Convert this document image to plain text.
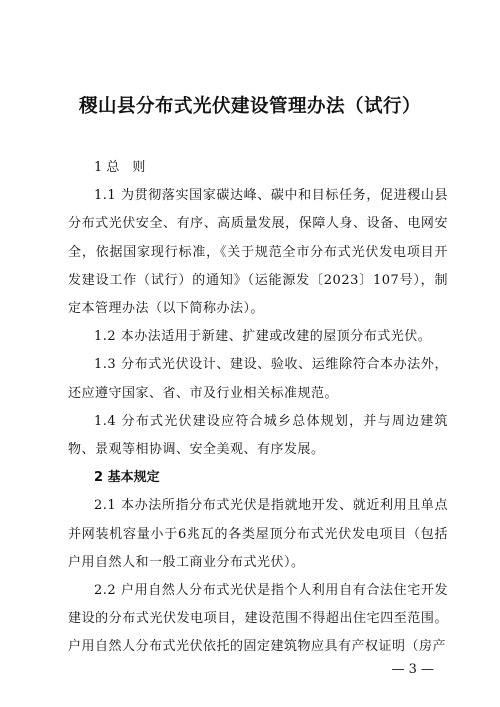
稷山县分布式光伏建设管理办法（试行）
1 总　则
1.1 为贯彻落实国家碳达峰、碳中和目标任务，促进稷山县分布式光伏安全、有序、高质量发展，保障人身、设备、电网安全，依据国家现行标准，《关于规范全市分布式光伏发电项目开发建设工作（试行）的通知》（运能源发〔2023〕107号），制定本管理办法（以下简称办法）。
1.2 本办法适用于新建、扩建或改建的屋顶分布式光伏。
1.3 分布式光伏设计、建设、验收、运维除符合本办法外，还应遵守国家、省、市及行业相关标准规范。
1.4 分布式光伏建设应符合城乡总体规划，并与周边建筑物、景观等相协调、安全美观、有序发展。
2 基本规定
2.1 本办法所指分布式光伏是指就地开发、就近利用且单点并网装机容量小于6兆瓦的各类屋顶分布式光伏发电项目（包括户用自然人和一般工商业分布式光伏）。
2.2 户用自然人分布式光伏是指个人利用自有合法住宅开发建设的分布式光伏发电项目，建设范围不得超出住宅四至范围。户用自然人分布式光伏依托的固定建筑物应具有产权证明（房产
— 3 —
